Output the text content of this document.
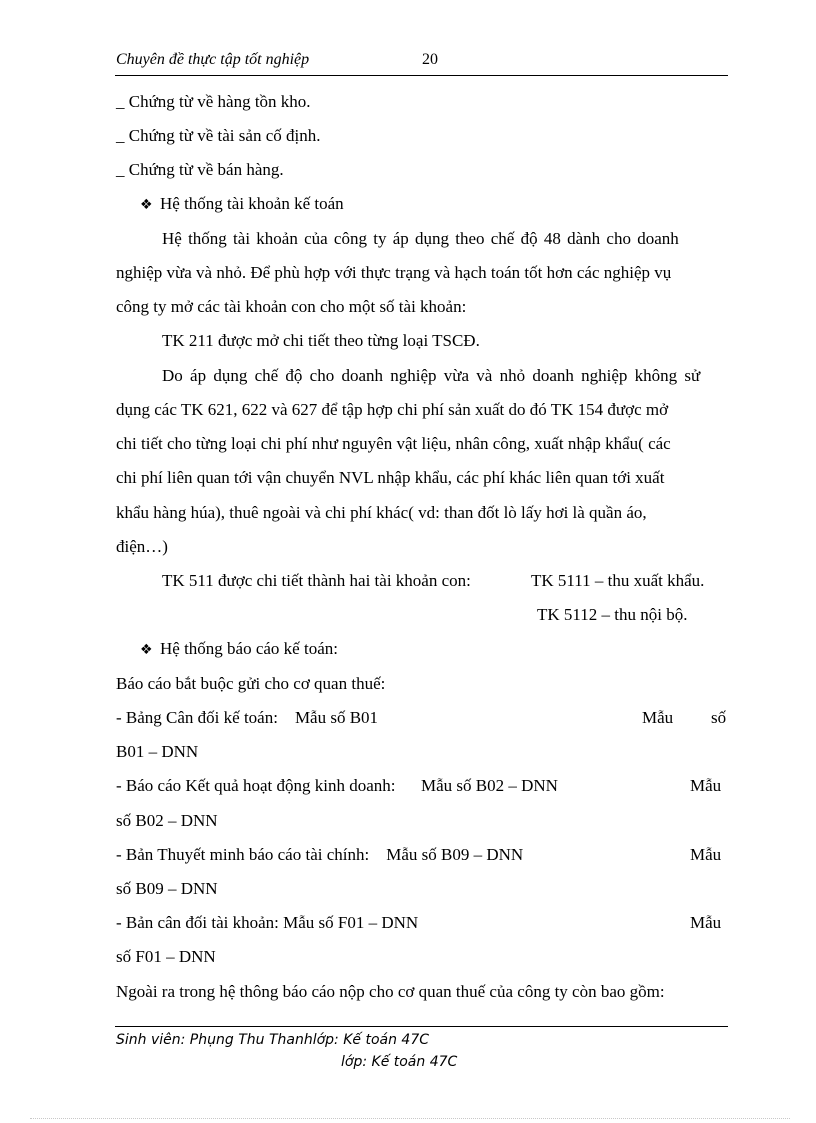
Chuyên đề thực tập tốt nghiệp	20
_ Chứng từ về hàng tồn kho.
_ Chứng từ về tài sản cố định.
_ Chứng từ về bán hàng.
❖ Hệ thống tài khoản kế toán
Hệ thống tài khoản của công ty áp dụng theo chế độ 48 dành cho doanh
nghiệp vừa và nhỏ. Để phù hợp với thực trạng và hạch toán tốt hơn các nghiệp vụ
công ty mở các tài khoản con cho một số tài khoản:
TK 211 được mở chi tiết theo từng loại TSCĐ.
Do áp dụng chế độ cho doanh nghiệp vừa và nhỏ doanh nghiệp không sử
dụng các TK 621, 622 và 627 để tập hợp chi phí sản xuất do đó TK 154 được mở
chi tiết cho từng loại chi phí như nguyên vật liệu, nhân công, xuất nhập khẩu( các
chi phí liên quan tới vận chuyển NVL nhập khẩu, các phí khác liên quan tới xuất
khẩu hàng húa), thuê ngoài và chi phí khác( vd: than đốt lò lấy hơi là quần áo,
điện…)
TK 511 được chi tiết thành hai tài khoản con:	TK 5111 – thu xuất khẩu.
TK 5112 – thu nội bộ.
❖ Hệ thống báo cáo kế toán:
Báo cáo bắt buộc gửi cho cơ quan thuế:
- Bảng Cân đối kế toán:    Mẫu số B01	Mẫu số
B01 – DNN
- Báo cáo Kết quả hoạt động kinh doanh:      Mẫu số B02 – DNN	Mẫu
số B02 – DNN
- Bản Thuyết minh báo cáo tài chính:    Mẫu số B09 – DNN	Mẫu
số B09 – DNN
- Bản cân đối tài khoản: Mẫu số F01 – DNN	Mẫu
số F01 – DNN
Ngoài ra trong hệ thông báo cáo nộp cho cơ quan thuế của công ty còn bao gồm:
Sinh viên: Phụng Thu Thanhlớp: Kế toán 47C
lớp: Kế toán 47C
